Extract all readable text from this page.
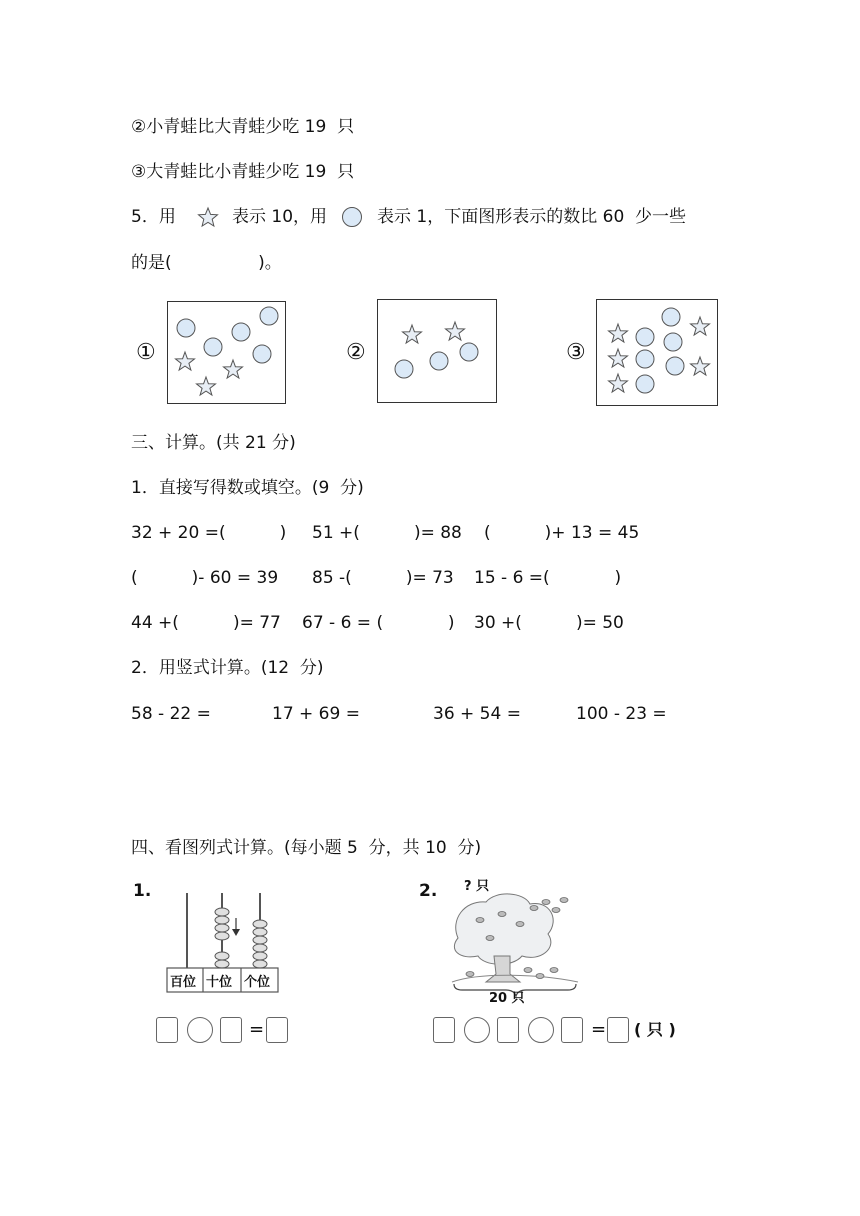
②小青蛙比大青蛙少吃 19  只
③大青蛙比小青蛙少吃 19  只
5．用	表示 10，用	表示 1，下面图形表示的数比 60  少一些
的是(                )。
①	②	③
三、计算。(共 21 分)
1．直接写得数或填空。(9  分)
32 + 20 =(          ) 51 +(          )= 88 (          )+ 13 = 45
(          )- 60 = 39 85 -(          )= 73 15 - 6 =(            )
44 +(          )= 77 67 - 6 = (            ) 30 +(          )= 50
2．用竖式计算。(12  分)
58 - 22 =	17 + 69 =	36 + 54 =	100 - 23 =
四、看图列式计算。(每小题 5  分，共 10  分)
1.
百位 十位 个位
=
2. ? 只
20 只
= ( 只 )
